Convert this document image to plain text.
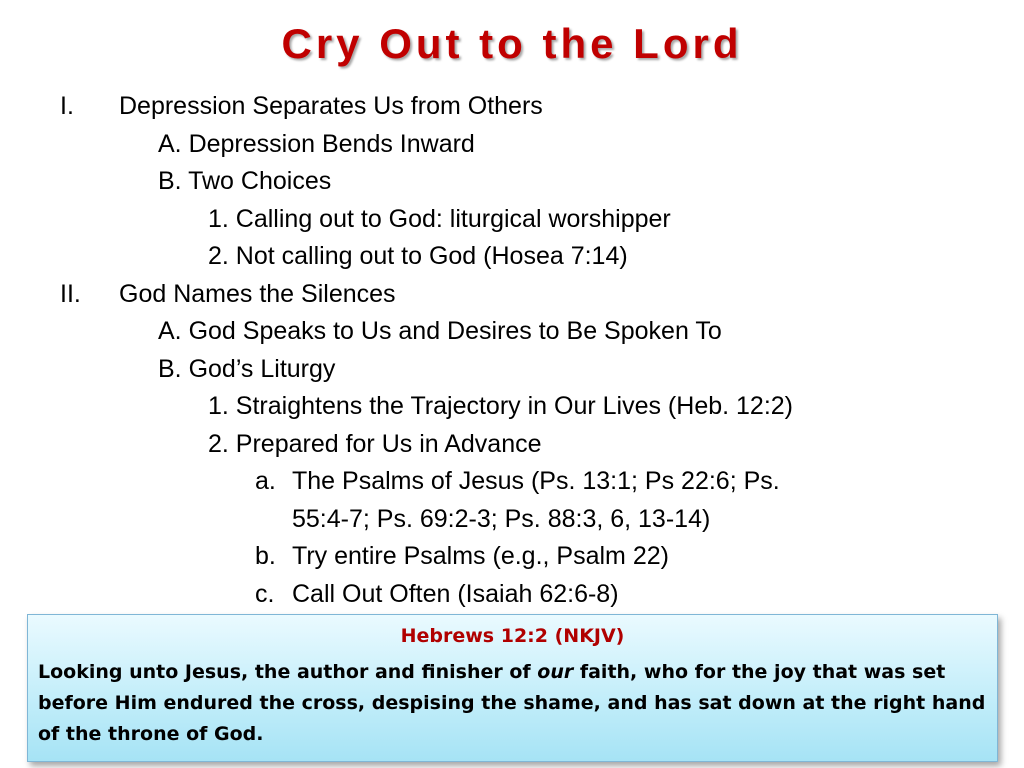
Cry Out to the Lord
I. Depression Separates Us from Others
A. Depression Bends Inward
B. Two Choices
1. Calling out to God: liturgical worshipper
2. Not calling out to God (Hosea 7:14)
II. God Names the Silences
A. God Speaks to Us and Desires to Be Spoken To
B. God’s Liturgy
1. Straightens the Trajectory in Our Lives (Heb. 12:2)
2. Prepared for Us in Advance
a. The Psalms of Jesus (Ps. 13:1; Ps 22:6; Ps.
55:4-7; Ps. 69:2-3; Ps. 88:3, 6, 13-14)
b. Try entire Psalms (e.g., Psalm 22)
c. Call Out Often (Isaiah 62:6-8)
Hebrews 12:2 (NKJV)
Looking unto Jesus, the author and finisher of our faith, who for the joy that was set before Him endured the cross, despising the shame, and has sat down at the right hand of the throne of God.
